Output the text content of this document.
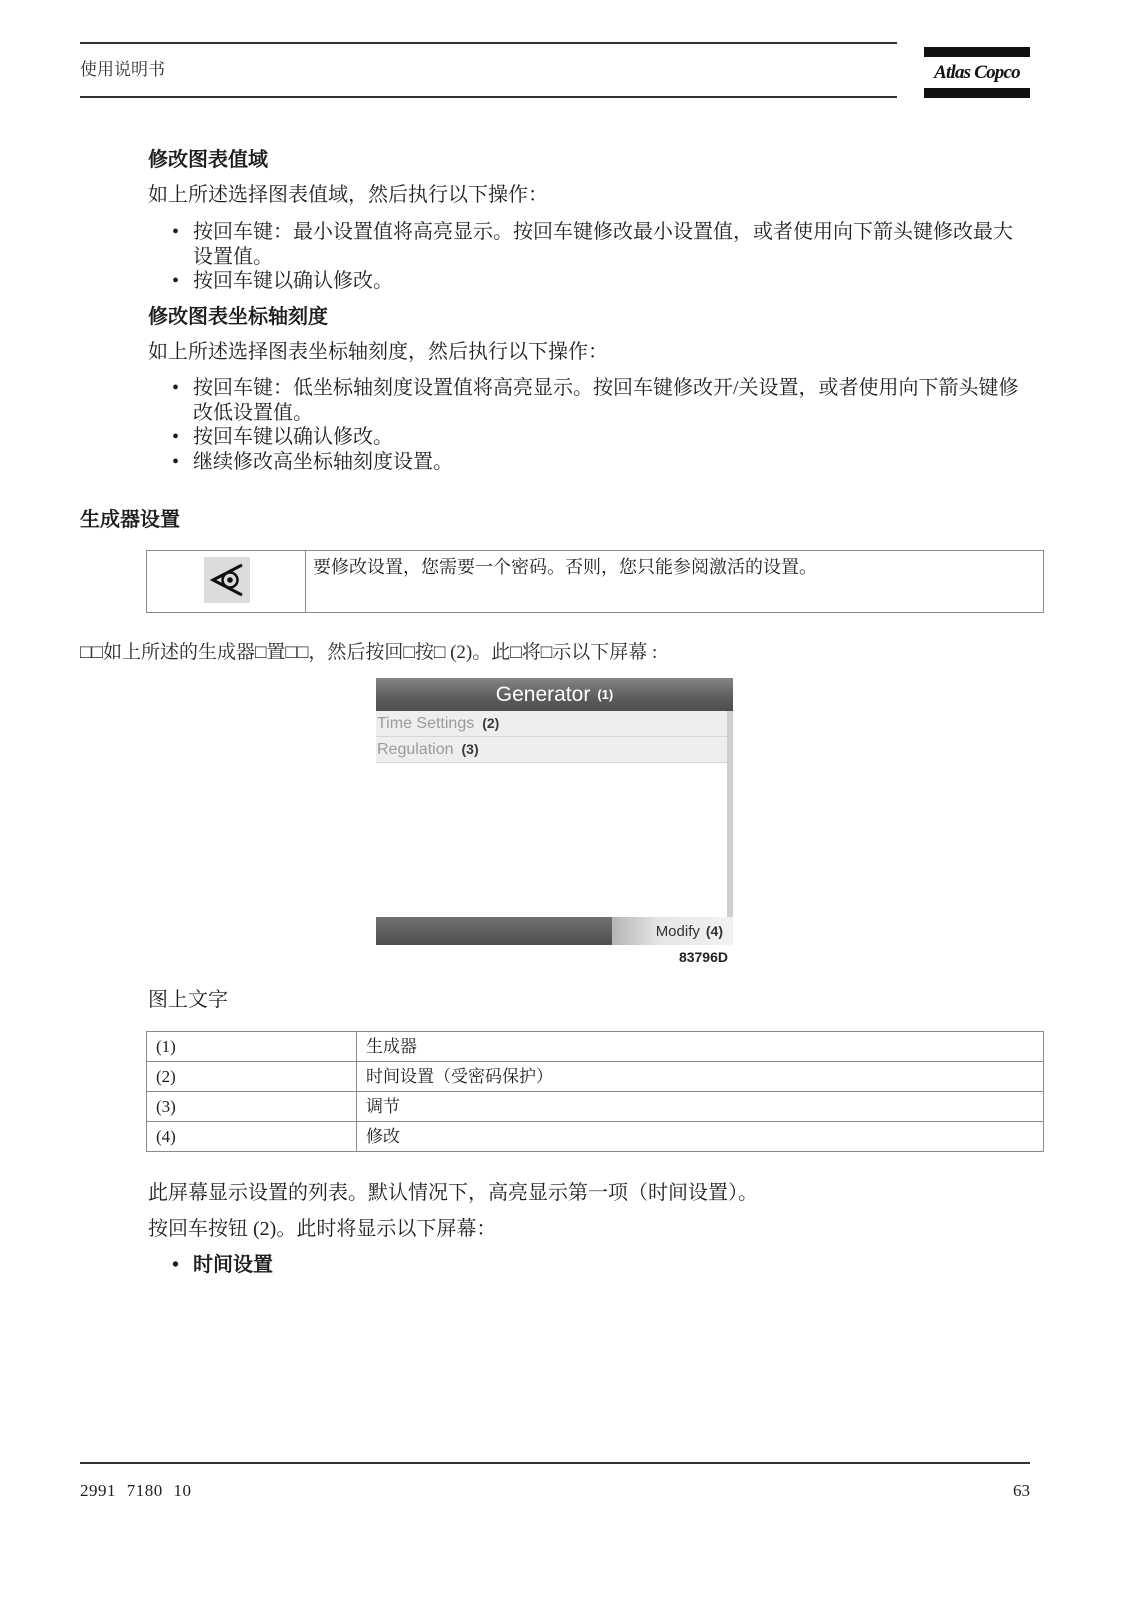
使用说明书	Atlas Copco
修改图表值域
如上所述选择图表值域，然后执行以下操作：
• 按回车键：最小设置值将高亮显示。按回车键修改最小设置值，或者使用向下箭头键修改最大设置值。
• 按回车键以确认修改。
修改图表坐标轴刻度
如上所述选择图表坐标轴刻度，然后执行以下操作：
• 按回车键：低坐标轴刻度设置值将高亮显示。按回车键修改开/关设置，或者使用向下箭头键修改低设置值。
• 按回车键以确认修改。
• 继续修改高坐标轴刻度设置。
生成器设置
要修改设置，您需要一个密码。否则，您只能参阅激活的设置。
□□如上所述的生成器□置□□，然后按回□按□ (2)。此□将□示以下屏幕 :
Generator (1)
Time Settings (2)
Regulation (3)
Modify (4)
83796D
图上文字
(1)	生成器
(2)	时间设置（受密码保护）
(3)	调节
(4)	修改
此屏幕显示设置的列表。默认情况下，高亮显示第一项（时间设置）。
按回车按钮 (2)。此时将显示以下屏幕：
• 时间设置
2991 7180 10	63
